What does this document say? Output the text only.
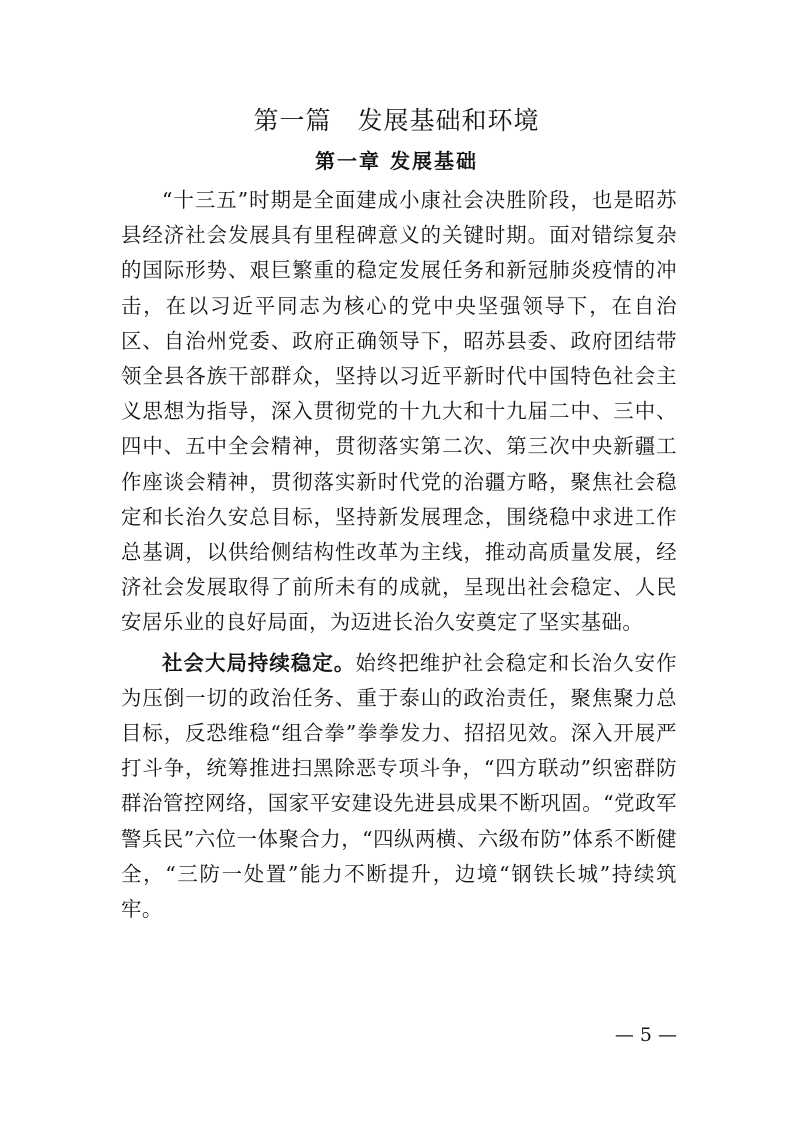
第一篇　发展基础和环境
第一章 发展基础

“十三五”时期是全面建成小康社会决胜阶段，也是昭苏县经济社会发展具有里程碑意义的关键时期。面对错综复杂的国际形势、艰巨繁重的稳定发展任务和新冠肺炎疫情的冲击，在以习近平同志为核心的党中央坚强领导下，在自治区、自治州党委、政府正确领导下，昭苏县委、政府团结带领全县各族干部群众，坚持以习近平新时代中国特色社会主义思想为指导，深入贯彻党的十九大和十九届二中、三中、四中、五中全会精神，贯彻落实第二次、第三次中央新疆工作座谈会精神，贯彻落实新时代党的治疆方略，聚焦社会稳定和长治久安总目标，坚持新发展理念，围绕稳中求进工作总基调，以供给侧结构性改革为主线，推动高质量发展，经济社会发展取得了前所未有的成就，呈现出社会稳定、人民安居乐业的良好局面，为迈进长治久安奠定了坚实基础。

社会大局持续稳定。始终把维护社会稳定和长治久安作为压倒一切的政治任务、重于泰山的政治责任，聚焦聚力总目标，反恐维稳“组合拳”拳拳发力、招招见效。深入开展严打斗争，统筹推进扫黑除恶专项斗争，“四方联动”织密群防群治管控网络，国家平安建设先进县成果不断巩固。“党政军警兵民”六位一体聚合力，“四纵两横、六级布防”体系不断健全，“三防一处置”能力不断提升，边境“钢铁长城”持续筑牢。

— 5 —
